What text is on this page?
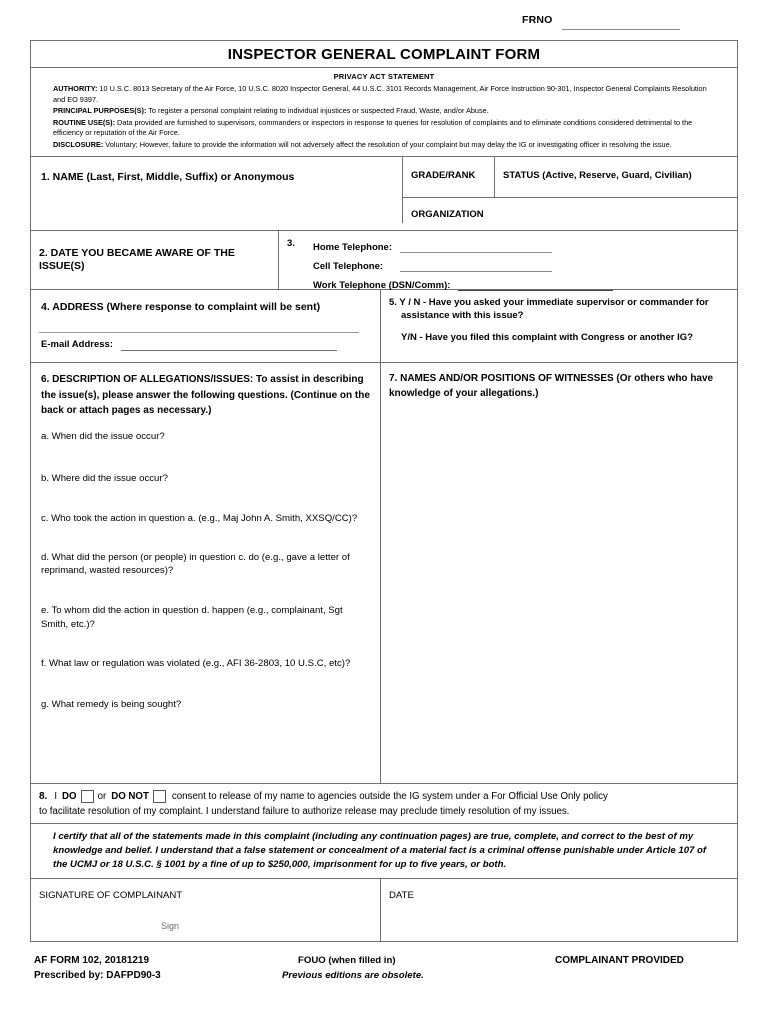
FRNO
INSPECTOR GENERAL COMPLAINT FORM
PRIVACY ACT STATEMENT

AUTHORITY: 10 U.S.C. 8013 Secretary of the Air Force, 10 U.S.C. 8020 Inspector General, 44 U.S.C. 3101 Records Management, Air Force Instruction 90-301, Inspector General Complaints Resolution and EO 9397.

PRINCIPAL PURPOSES(S): To register a personal complaint relating to individual injustices or suspected Fraud, Waste, and/or Abuse.

ROUTINE USE(S): Data provided are furnished to supervisors, commanders or inspectors in response to queries for resolution of complaints and to eliminate conditions considered detrimental to the efficiency or reputation of the Air Force.

DISCLOSURE: Voluntary; However, failure to provide the information will not adversely affect the resolution of your complaint but may delay the IG or investigating officer in resolving the issue.

1. NAME (Last, First, Middle, Suffix) or Anonymous	GRADE/RANK	STATUS (Active, Reserve, Guard, Civilian)
ORGANIZATION
2. DATE YOU BECAME AWARE OF THE ISSUE(S)
3. Home Telephone:
Cell Telephone:
Work Telephone (DSN/Comm):
4. ADDRESS (Where response to complaint will be sent)
E-mail Address:
5. Y / N - Have you asked your immediate supervisor or commander for assistance with this issue?
Y/N - Have you filed this complaint with Congress or another IG?
6. DESCRIPTION OF ALLEGATIONS/ISSUES: To assist in describing the issue(s), please answer the following questions. (Continue on the back or attach pages as necessary.)
a. When did the issue occur?
b. Where did the issue occur?
c. Who took the action in question a. (e.g., Maj John A. Smith, XXSQ/CC)?
d. What did the person (or people) in question c. do (e.g., gave a letter of reprimand, wasted resources)?
e. To whom did the action in question d. happen (e.g., complainant, Sgt Smith, etc.)?
f. What law or regulation was violated (e.g., AFI 36-2803, 10 U.S.C, etc)?
g. What remedy is being sought?
7. NAMES AND/OR POSITIONS OF WITNESSES (Or others who have knowledge of your allegations.)
8. I DO or DO NOT consent to release of my name to agencies outside the IG system under a For Official Use Only policy
to facilitate resolution of my complaint. I understand failure to authorize release may preclude timely resolution of my issues.
I certify that all of the statements made in this complaint (including any continuation pages) are true, complete, and correct to the best of my knowledge and belief. I understand that a false statement or concealment of a material fact is a criminal offense punishable under Article 107 of the UCMJ or 18 U.S.C. § 1001 by a fine of up to $250,000, imprisonment for up to five years, or both.
SIGNATURE OF COMPLAINANT
Sign
DATE
AF FORM 102, 20181219	FOUO (when filled in)	COMPLAINANT PROVIDED
Prescribed by: DAFPD90-3	Previous editions are obsolete.
